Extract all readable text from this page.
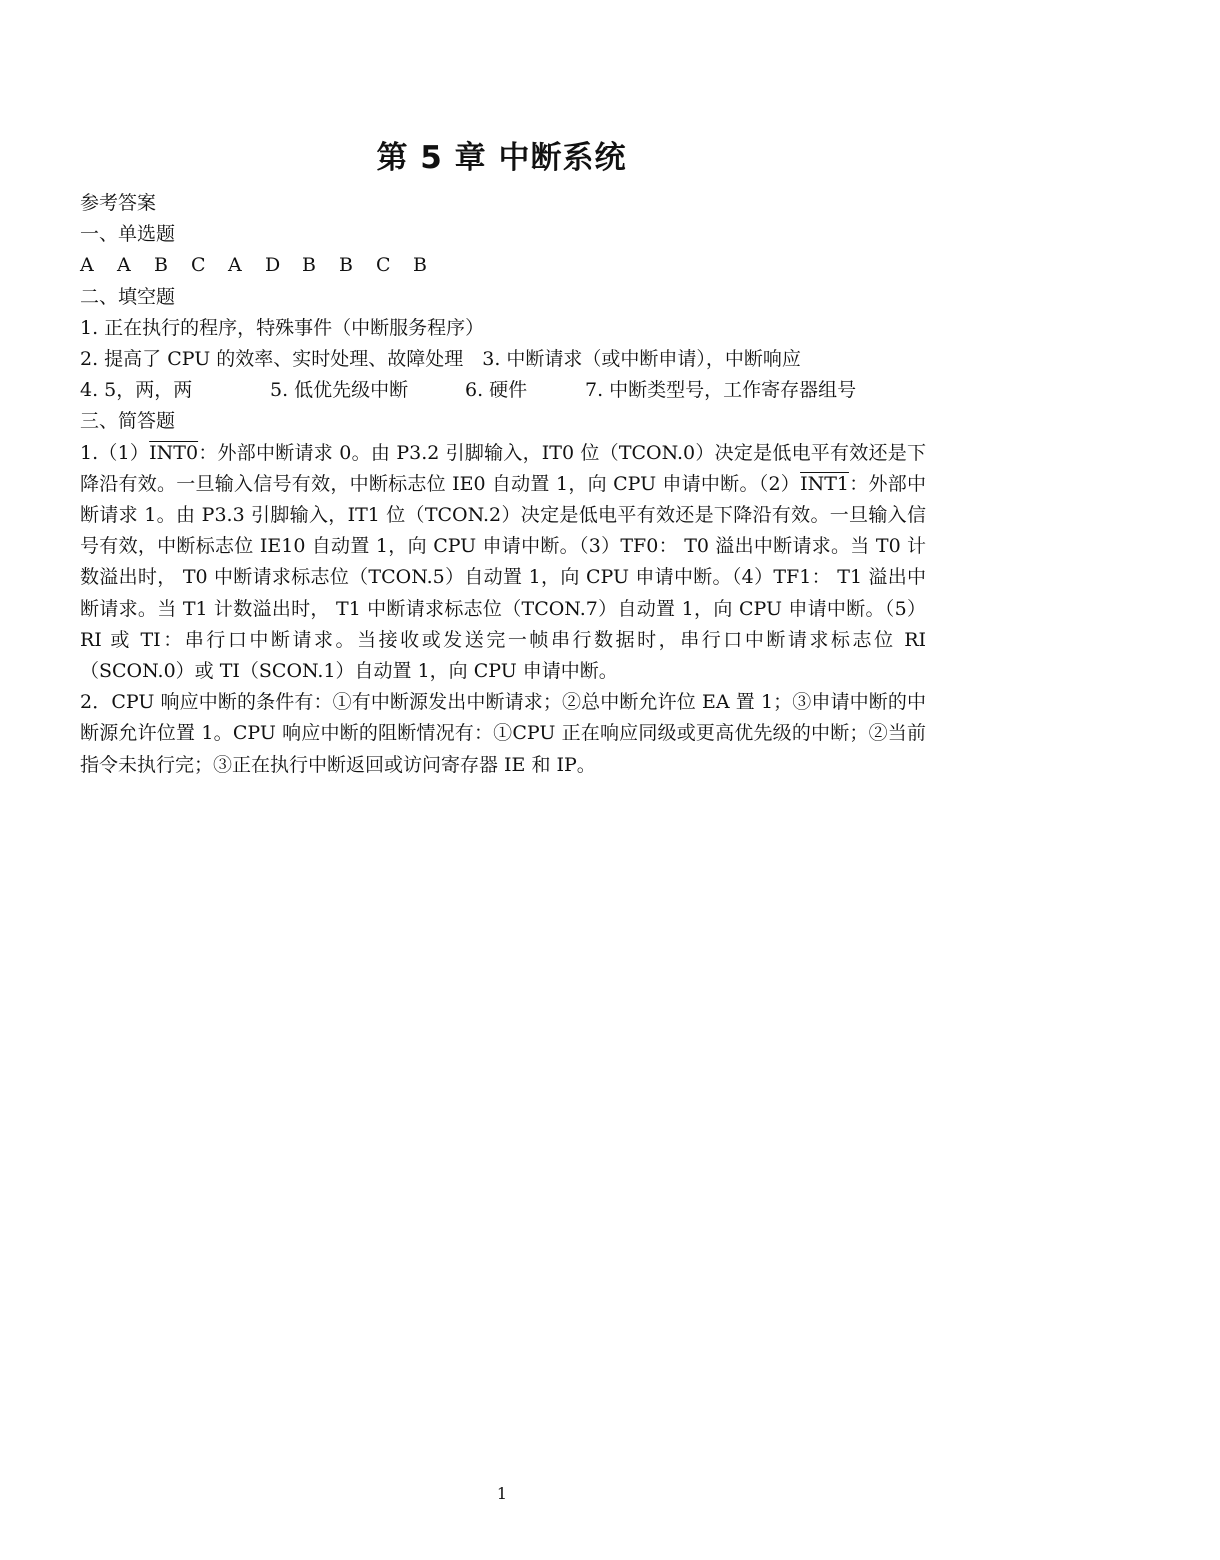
第 5 章 中断系统
参考答案
一、单选题
A A B C A D B B C B
二、填空题
1. 正在执行的程序，特殊事件（中断服务程序）
2. 提高了 CPU 的效率、实时处理、故障处理　3. 中断请求（或中断申请），中断响应
4. 5，两，两	5. 低优先级中断	6. 硬件	7. 中断类型号，工作寄存器组号
三、简答题
1.（1）INT0：外部中断请求 0。由 P3.2 引脚输入，IT0 位（TCON.0）决定是低电平有效还是下降沿有效。一旦输入信号有效，中断标志位 IE0 自动置 1，向 CPU 申请中断。（2）INT1：外部中断请求 1。由 P3.3 引脚输入，IT1 位（TCON.2）决定是低电平有效还是下降沿有效。一旦输入信号有效，中断标志位 IE10 自动置 1，向 CPU 申请中断。（3）TF0： T0 溢出中断请求。当 T0 计数溢出时， T0 中断请求标志位（TCON.5）自动置 1，向 CPU 申请中断。（4）TF1： T1 溢出中断请求。当 T1 计数溢出时， T1 中断请求标志位（TCON.7）自动置 1，向 CPU 申请中断。（5）RI 或 TI：串行口中断请求。当接收或发送完一帧串行数据时，串行口中断请求标志位 RI（SCON.0）或 TI（SCON.1）自动置 1，向 CPU 申请中断。
2．CPU 响应中断的条件有：①有中断源发出中断请求；②总中断允许位 EA 置 1；③申请中断的中断源允许位置 1。CPU 响应中断的阻断情况有：①CPU 正在响应同级或更高优先级的中断；②当前指令未执行完；③正在执行中断返回或访问寄存器 IE 和 IP。
1
